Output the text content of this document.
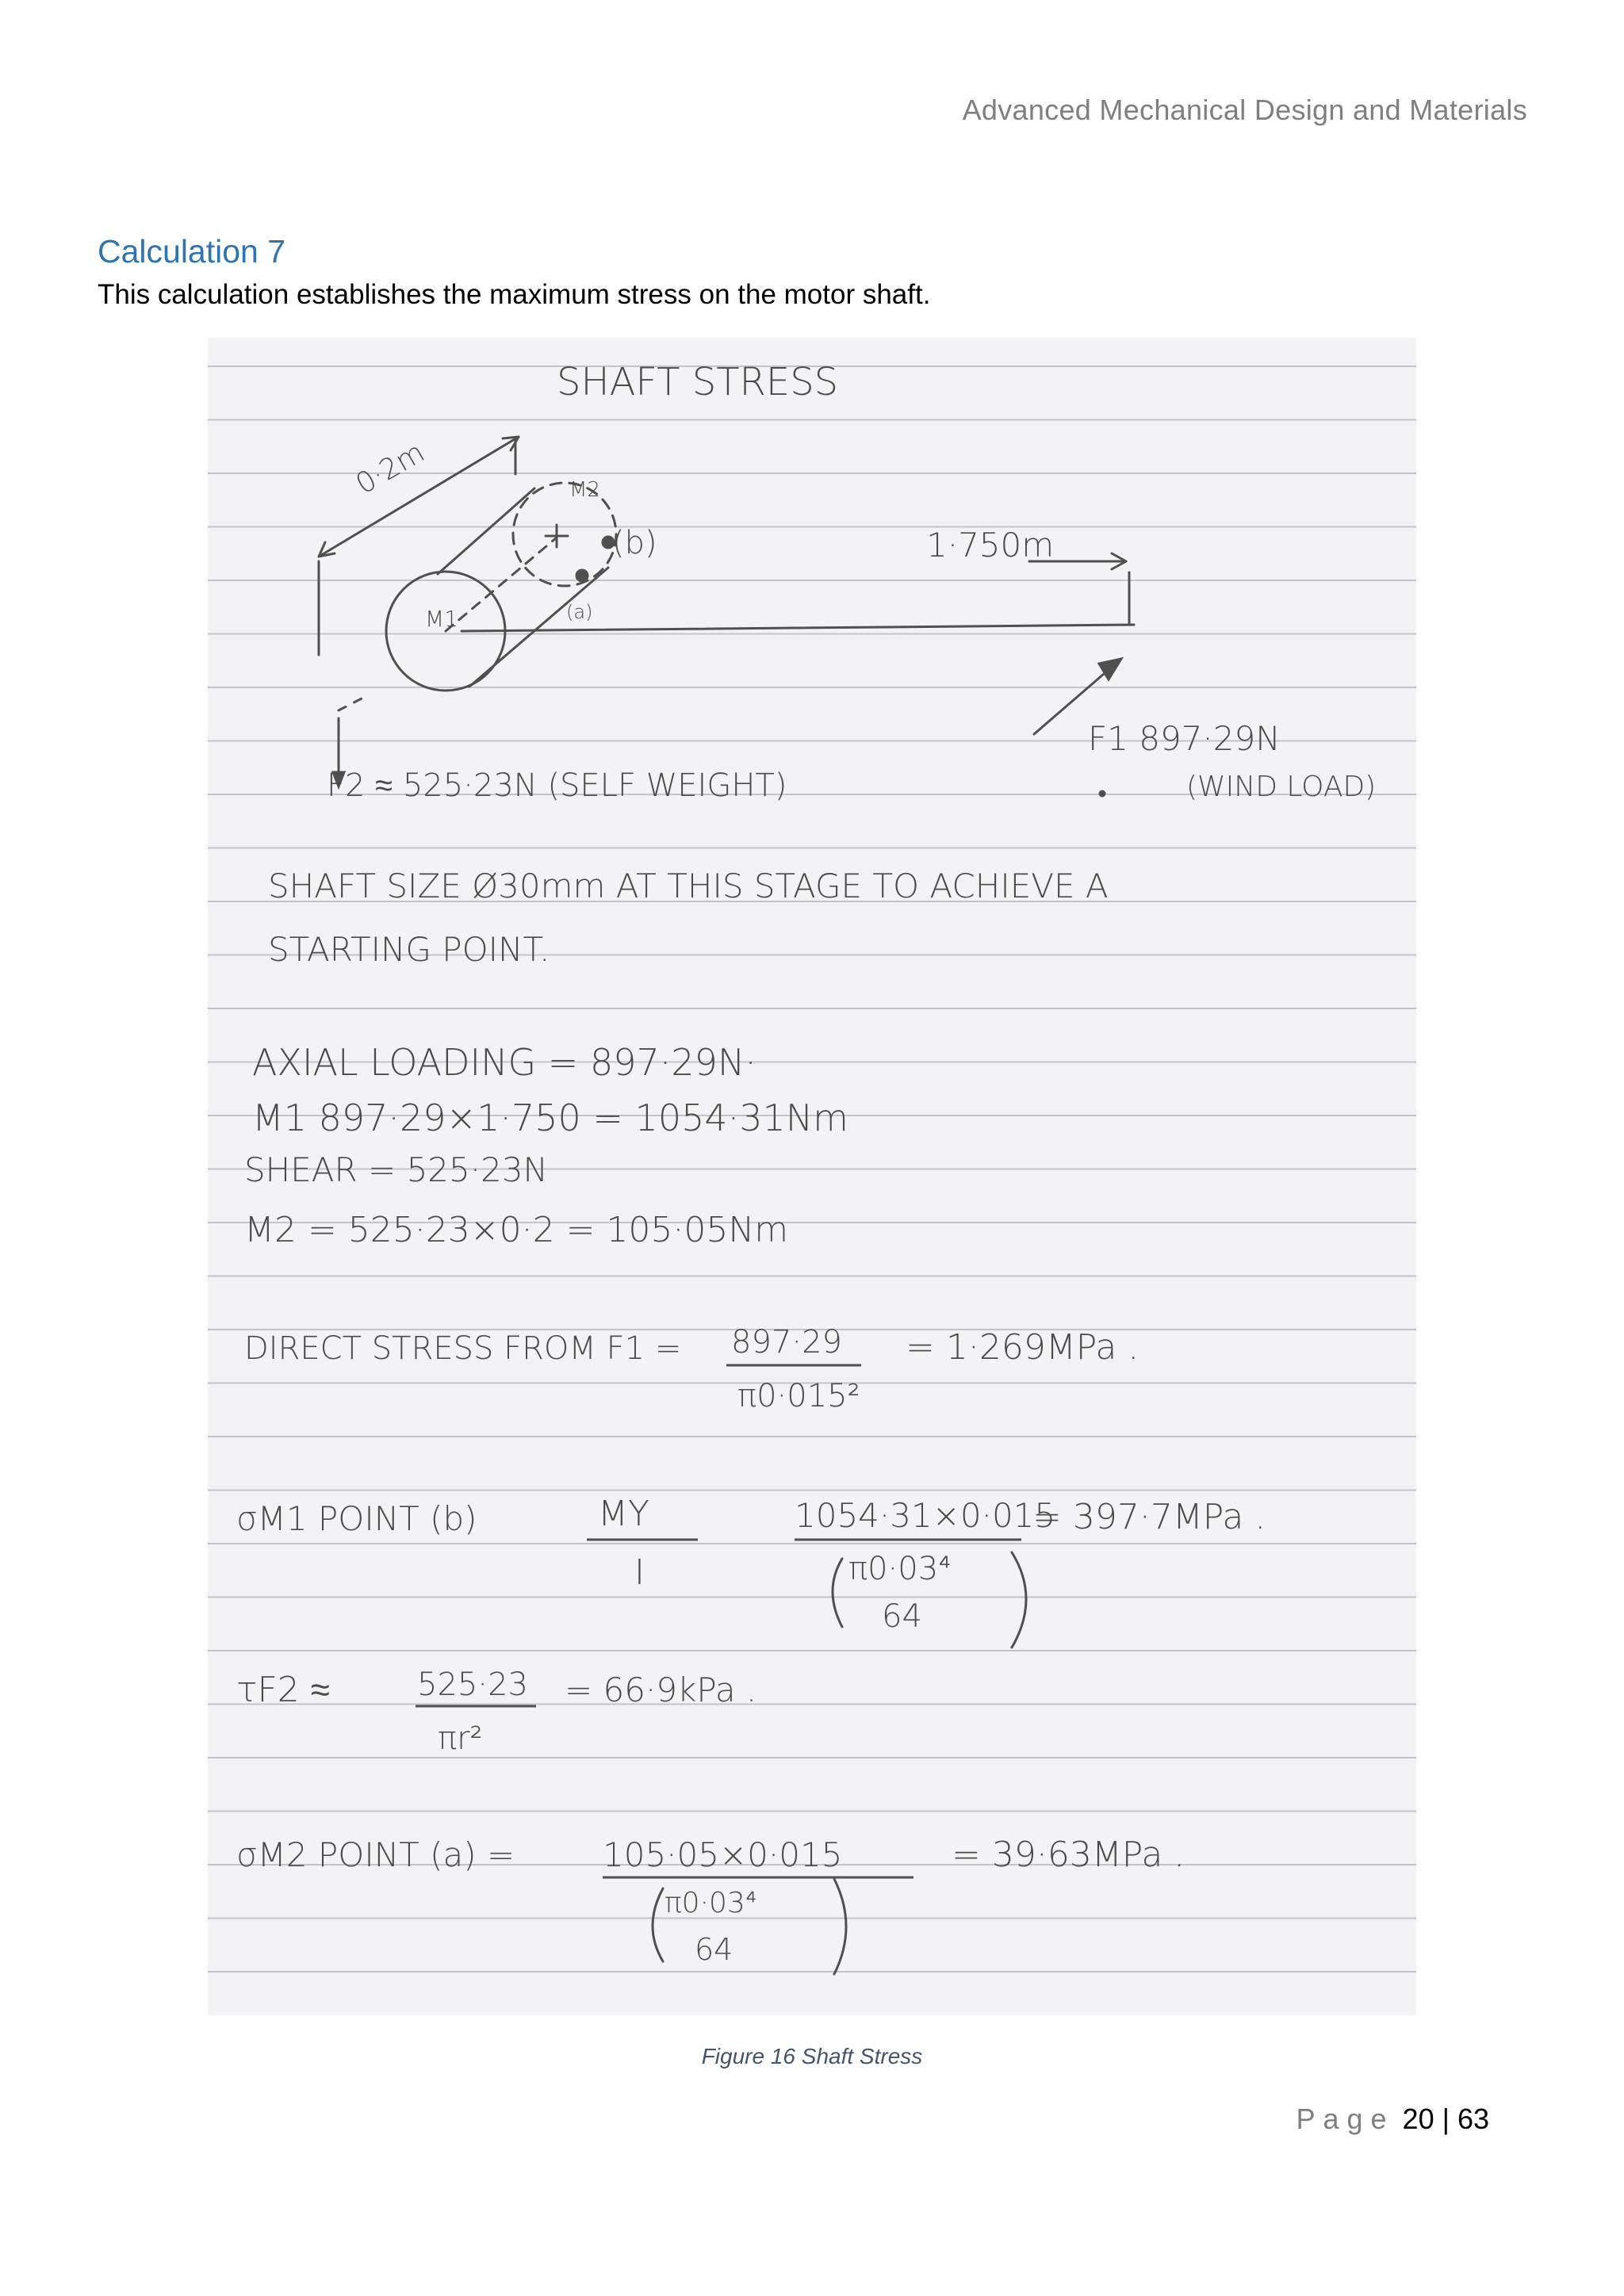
Advanced Mechanical Design and Materials
Calculation 7
This calculation establishes the maximum stress on the motor shaft.
SHAFT STRESS
0·2m	M2
M1
(b)
(a)
1·750m
F2 ≈ 525·23N (SELF WEIGHT)
F1 897·29N
(WIND LOAD)
SHAFT SIZE Ø30mm AT THIS STAGE TO ACHIEVE A
STARTING POINT.
AXIAL LOADING = 897·29N·
M1 897·29×1·750 = 1054·31Nm
SHEAR = 525·23N
M2 = 525·23×0·2 = 105·05Nm
DIRECT STRESS FROM F1 = 897·29
π0·015²
= 1·269MPa .
σM1 POINT (b)	MY
I
1054·31×0·015
π0·03⁴
64
= 397·7MPa .
τF2 ≈	525·23
πr²
= 66·9kPa .
σM2 POINT (a) =	105·05×0·015
π0·03⁴
64
= 39·63MPa .
Figure 16 Shaft Stress
Page 20 | 63
